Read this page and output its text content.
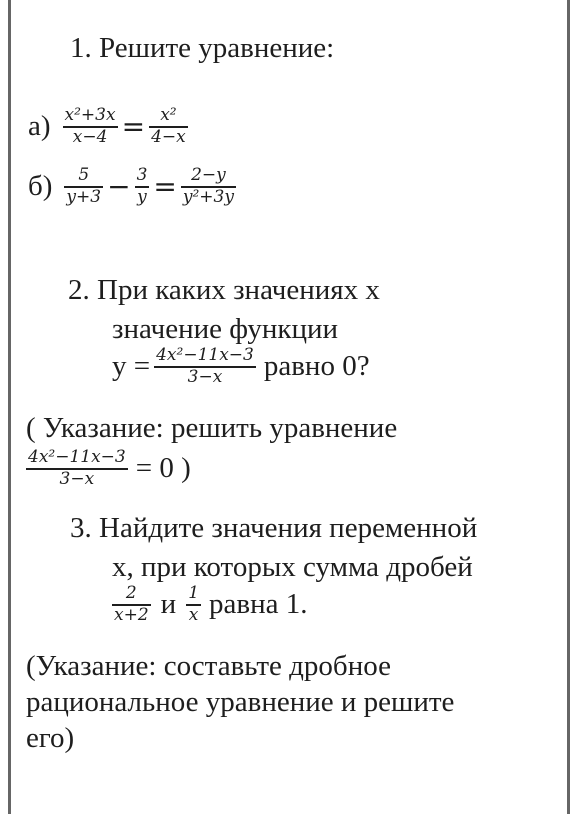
1. Решите уравнение:
$а) \frac{\text{x²+3x}}{x-4} = \frac{\text{x²}}{4-x}$
$б) \frac{5}{y+3} - \frac{3}{y} = \frac{2-y}{\text{y²+3y}}$
2. При каких значениях х
значение функции
$у = \frac{\text{4x²−11x−3}}{3-x}$ равно 0?
( Указание: решить уравнение
$\frac{\text{4x²−11x−3}}{3-x} = 0$ )
3. Найдите значения переменной
х, при которых сумма дробей
$\frac{2}{x+2}$ и $\frac{1}{x}$ равна 1.
(Указание: составьте дробное
рациональное уравнение и решите
его)
